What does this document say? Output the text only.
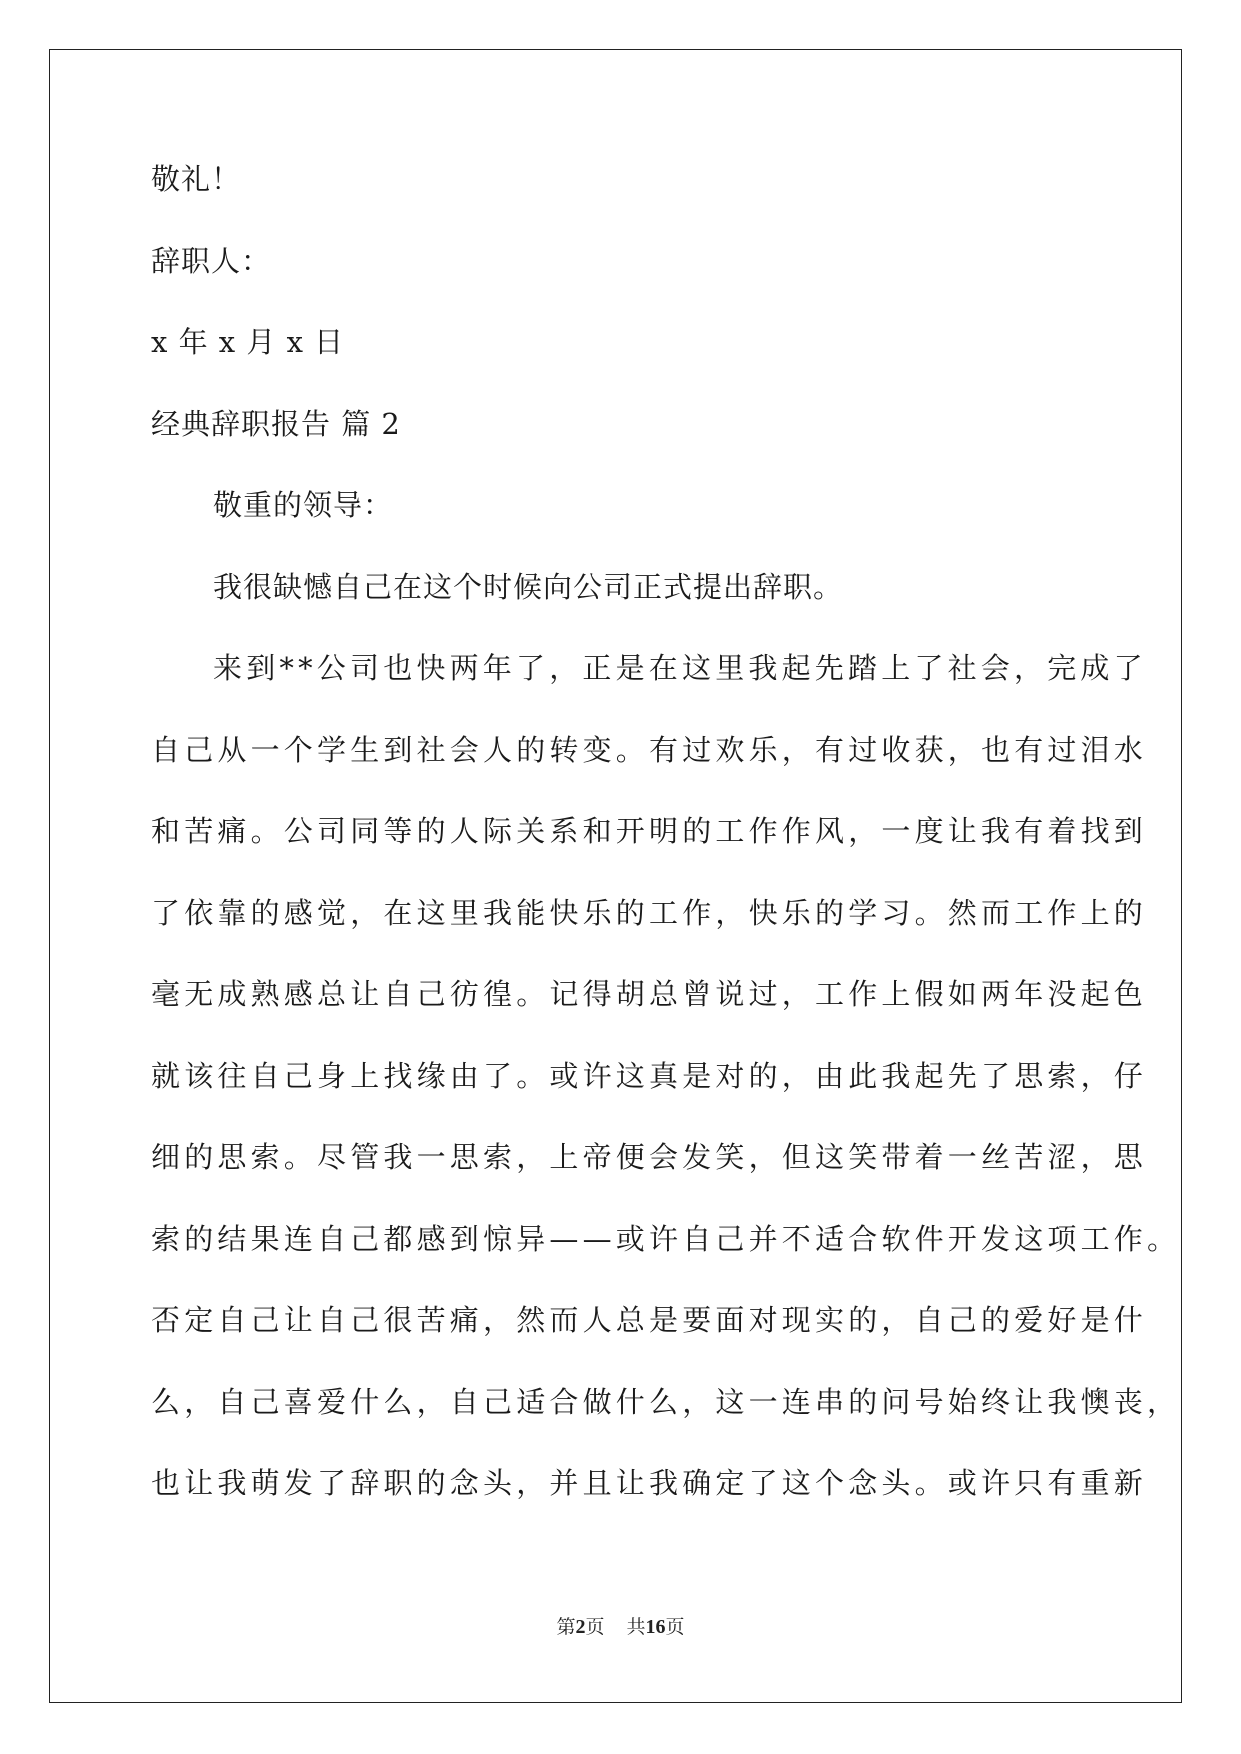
敬礼！
辞职人：
x 年 x 月 x 日
经典辞职报告 篇 2
敬重的领导：
我很缺憾自己在这个时候向公司正式提出辞职。
来到**公司也快两年了，正是在这里我起先踏上了社会，完成了
自己从一个学生到社会人的转变。有过欢乐，有过收获，也有过泪水
和苦痛。公司同等的人际关系和开明的工作作风，一度让我有着找到
了依靠的感觉，在这里我能快乐的工作，快乐的学习。然而工作上的
毫无成熟感总让自己彷徨。记得胡总曾说过，工作上假如两年没起色
就该往自己身上找缘由了。或许这真是对的，由此我起先了思索，仔
细的思索。尽管我一思索，上帝便会发笑，但这笑带着一丝苦涩，思
索的结果连自己都感到惊异——或许自己并不适合软件开发这项工作。
否定自己让自己很苦痛，然而人总是要面对现实的，自己的爱好是什
么，自己喜爱什么，自己适合做什么，这一连串的问号始终让我懊丧，
也让我萌发了辞职的念头，并且让我确定了这个念头。或许只有重新
第2页 共16页
